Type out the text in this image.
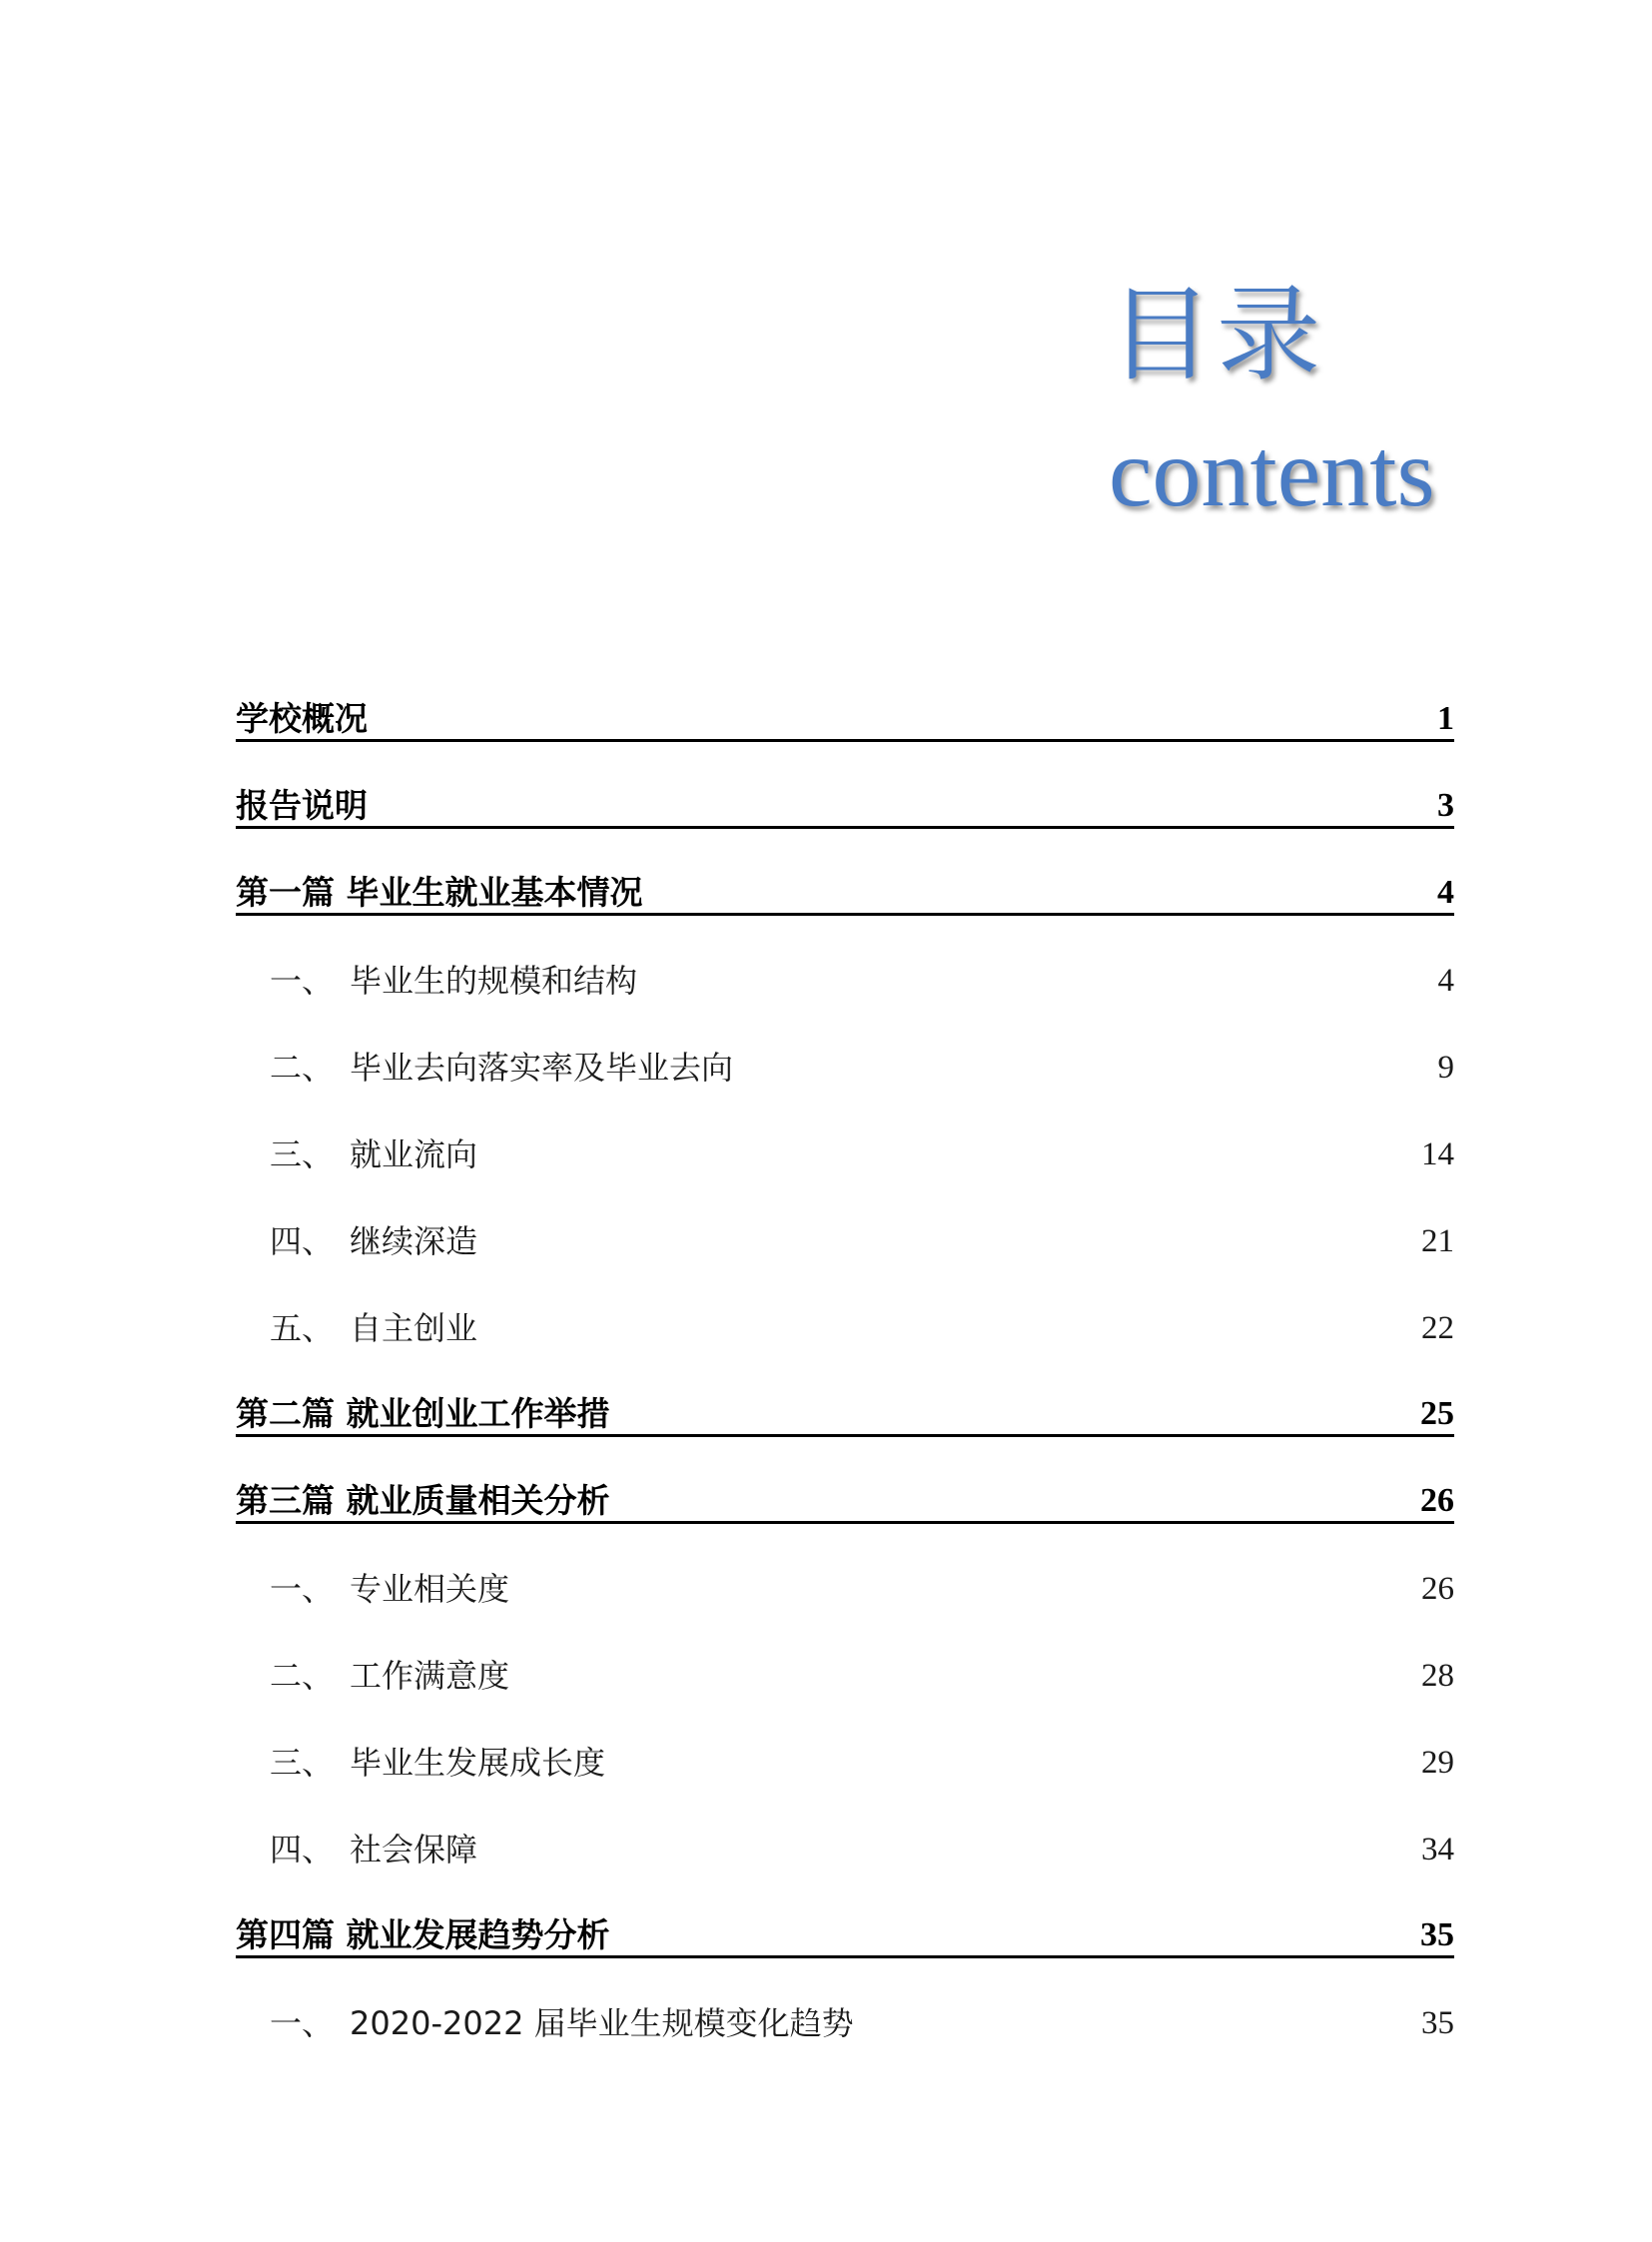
目录
contents
学校概况	1
报告说明	3
第一篇 毕业生就业基本情况	4
一、 毕业生的规模和结构	4
二、 毕业去向落实率及毕业去向	9
三、 就业流向	14
四、 继续深造	21
五、 自主创业	22
第二篇 就业创业工作举措	25
第三篇 就业质量相关分析	26
一、 专业相关度	26
二、 工作满意度	28
三、 毕业生发展成长度	29
四、 社会保障	34
第四篇 就业发展趋势分析	35
一、 2020-2022 届毕业生规模变化趋势	35
